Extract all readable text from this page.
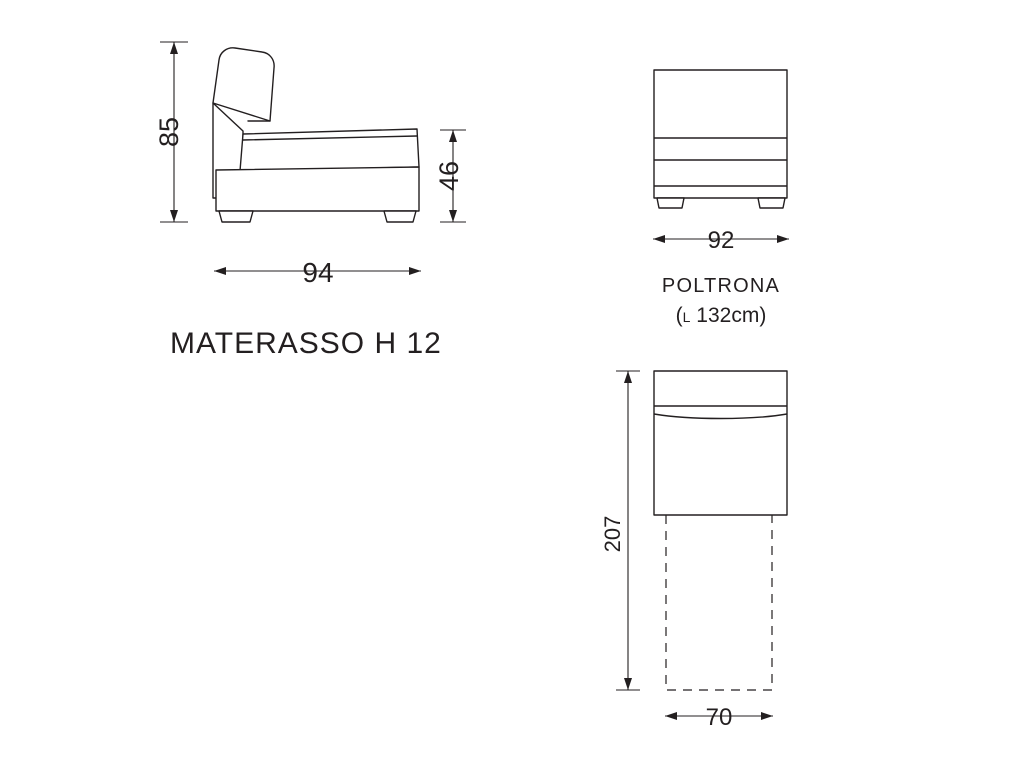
85
46
94
MATERASSO H 12
92
POLTRONA
(L 132cm)
207
70
